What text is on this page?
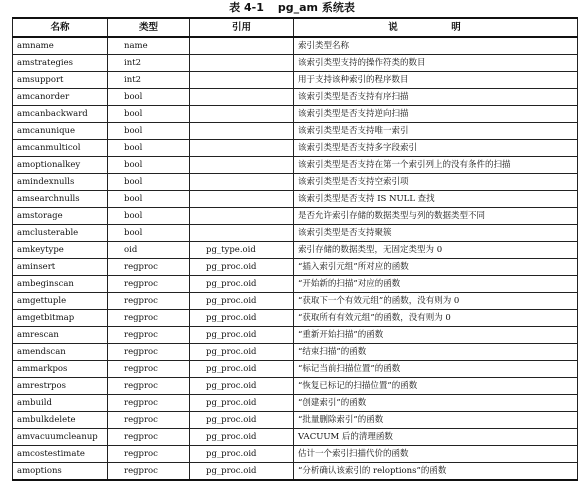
表 4-1 pg_am 系统表
名称	类型	引用	说　明
amname	name		索引类型名称
amstrategies	int2		该索引类型支持的操作符类的数目
amsupport	int2		用于支持该种索引的程序数目
amcanorder	bool		该索引类型是否支持有序扫描
amcanbackward	bool		该索引类型是否支持逆向扫描
amcanunique	bool		该索引类型是否支持唯一索引
amcanmulticol	bool		该索引类型是否支持多字段索引
amoptionalkey	bool		该索引类型是否支持在第一个索引列上的没有条件的扫描
amindexnulls	bool		该索引类型是否支持空索引项
amsearchnulls	bool		该索引类型是否支持 IS NULL 查找
amstorage	bool		是否允许索引存储的数据类型与列的数据类型不同
amclusterable	bool		该索引类型是否支持聚簇
amkeytype	oid	pg_type.oid	索引存储的数据类型，无固定类型为 0
aminsert	regproc	pg_proc.oid	“插入索引元组”所对应的函数
ambeginscan	regproc	pg_proc.oid	“开始新的扫描”对应的函数
amgettuple	regproc	pg_proc.oid	“获取下一个有效元组”的函数，没有则为 0
amgetbitmap	regproc	pg_proc.oid	“获取所有有效元组”的函数，没有则为 0
amrescan	regproc	pg_proc.oid	“重新开始扫描”的函数
amendscan	regproc	pg_proc.oid	“结束扫描”的函数
ammarkpos	regproc	pg_proc.oid	“标记当前扫描位置”的函数
amrestrpos	regproc	pg_proc.oid	“恢复已标记的扫描位置”的函数
ambuild	regproc	pg_proc.oid	“创建索引”的函数
ambulkdelete	regproc	pg_proc.oid	“批量删除索引”的函数
amvacuumcleanup	regproc	pg_proc.oid	VACUUM 后的清理函数
amcostestimate	regproc	pg_proc.oid	估计一个索引扫描代价的函数
amoptions	regproc	pg_proc.oid	“分析确认该索引的 reloptions”的函数
